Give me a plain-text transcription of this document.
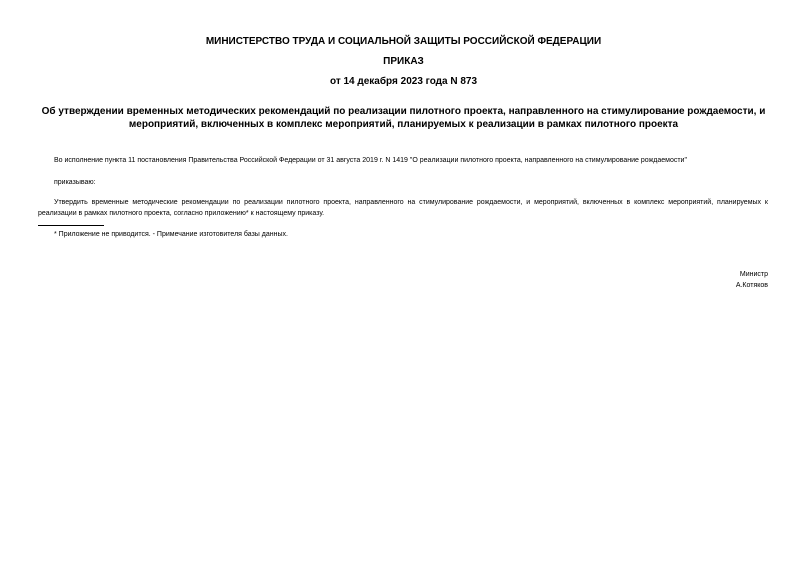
МИНИСТЕРСТВО ТРУДА И СОЦИАЛЬНОЙ ЗАЩИТЫ РОССИЙСКОЙ ФЕДЕРАЦИИ
ПРИКАЗ
от 14 декабря 2023 года N 873
Об утверждении временных методических рекомендаций по реализации пилотного проекта, направленного на стимулирование рождаемости, и мероприятий, включенных в комплекс мероприятий, планируемых к реализации в рамках пилотного проекта

Во исполнение пункта 11 постановления Правительства Российской Федерации от 31 августа 2019 г. N 1419 "О реализации пилотного проекта, направленного на стимулирование рождаемости"

приказываю:

Утвердить временные методические рекомендации по реализации пилотного проекта, направленного на стимулирование рождаемости, и мероприятий, включенных в комплекс мероприятий, планируемых к реализации в рамках пилотного проекта, согласно приложению* к настоящему приказу.

* Приложение не приводится. - Примечание изготовителя базы данных.

Министр
А.Котяков
